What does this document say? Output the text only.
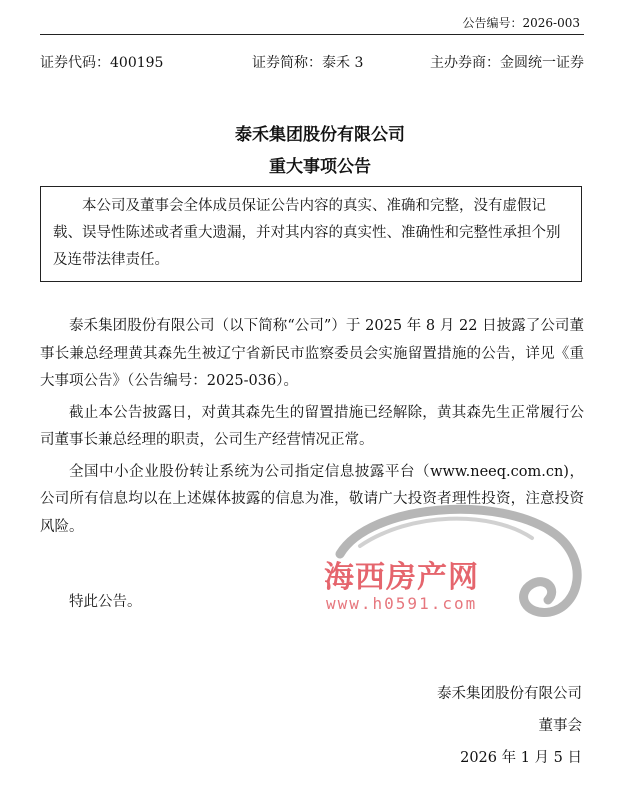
公告编号：2026-003
证券代码：400195	证券简称：泰禾 3	主办券商：金圆统一证券
泰禾集团股份有限公司
重大事项公告
本公司及董事会全体成员保证公告内容的真实、准确和完整，没有虚假记载、误导性陈述或者重大遗漏，并对其内容的真实性、准确性和完整性承担个别及连带法律责任。

泰禾集团股份有限公司（以下简称“公司”）于 2025 年 8 月 22 日披露了公司董事长兼总经理黄其森先生被辽宁省新民市监察委员会实施留置措施的公告，详见《重大事项公告》（公告编号：2025-036）。

截止本公告披露日，对黄其森先生的留置措施已经解除，黄其森先生正常履行公司董事长兼总经理的职责，公司生产经营情况正常。

全国中小企业股份转让系统为公司指定信息披露平台（www.neeq.com.cn)，公司所有信息均以在上述媒体披露的信息为准，敬请广大投资者理性投资，注意投资风险。

特此公告。
海西房产网
www.h0591.com
泰禾集团股份有限公司
董事会
2026 年 1 月 5 日
